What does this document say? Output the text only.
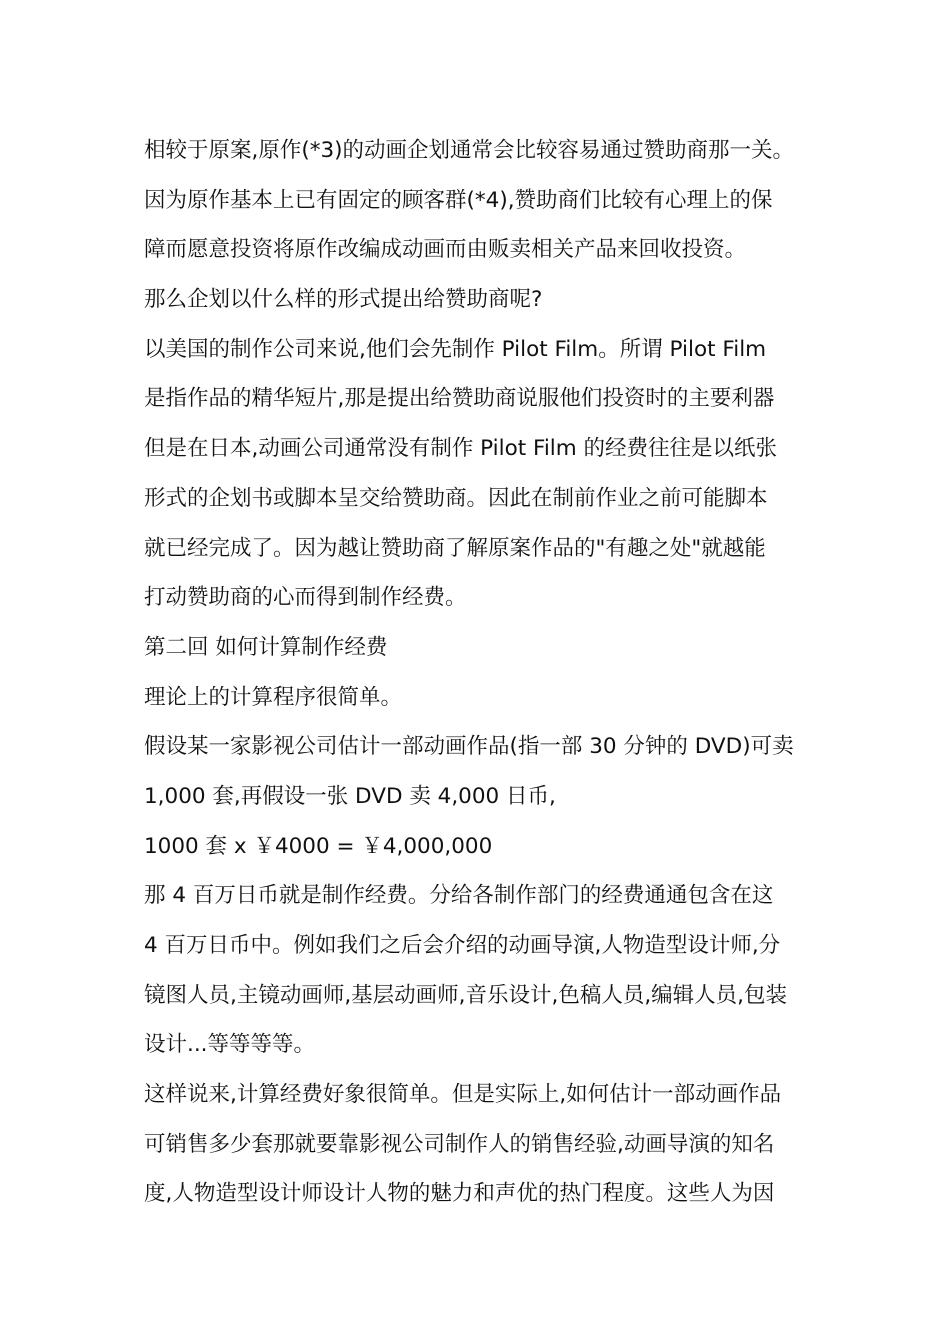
相较于原案,原作(*3)的动画企划通常会比较容易通过赞助商那一关。
因为原作基本上已有固定的顾客群(*4),赞助商们比较有心理上的保
障而愿意投资将原作改编成动画而由贩卖相关产品来回收投资。
那么企划以什么样的形式提出给赞助商呢?
以美国的制作公司来说,他们会先制作 Pilot Film。所谓 Pilot Film
是指作品的精华短片,那是提出给赞助商说服他们投资时的主要利器
但是在日本,动画公司通常没有制作 Pilot Film 的经费往往是以纸张
形式的企划书或脚本呈交给赞助商。因此在制前作业之前可能脚本
就已经完成了。因为越让赞助商了解原案作品的"有趣之处"就越能
打动赞助商的心而得到制作经费。
第二回 如何计算制作经费
理论上的计算程序很简单。
假设某一家影视公司估计一部动画作品(指一部 30 分钟的 DVD)可卖
1,000 套,再假设一张 DVD 卖 4,000 日币,
1000 套 x ￥4000 = ￥4,000,000
那 4 百万日币就是制作经费。分给各制作部门的经费通通包含在这
4 百万日币中。例如我们之后会介绍的动画导演,人物造型设计师,分
镜图人员,主镜动画师,基层动画师,音乐设计,色稿人员,编辑人员,包装
设计...等等等等。
这样说来,计算经费好象很简单。但是实际上,如何估计一部动画作品
可销售多少套那就要靠影视公司制作人的销售经验,动画导演的知名
度,人物造型设计师设计人物的魅力和声优的热门程度。这些人为因
